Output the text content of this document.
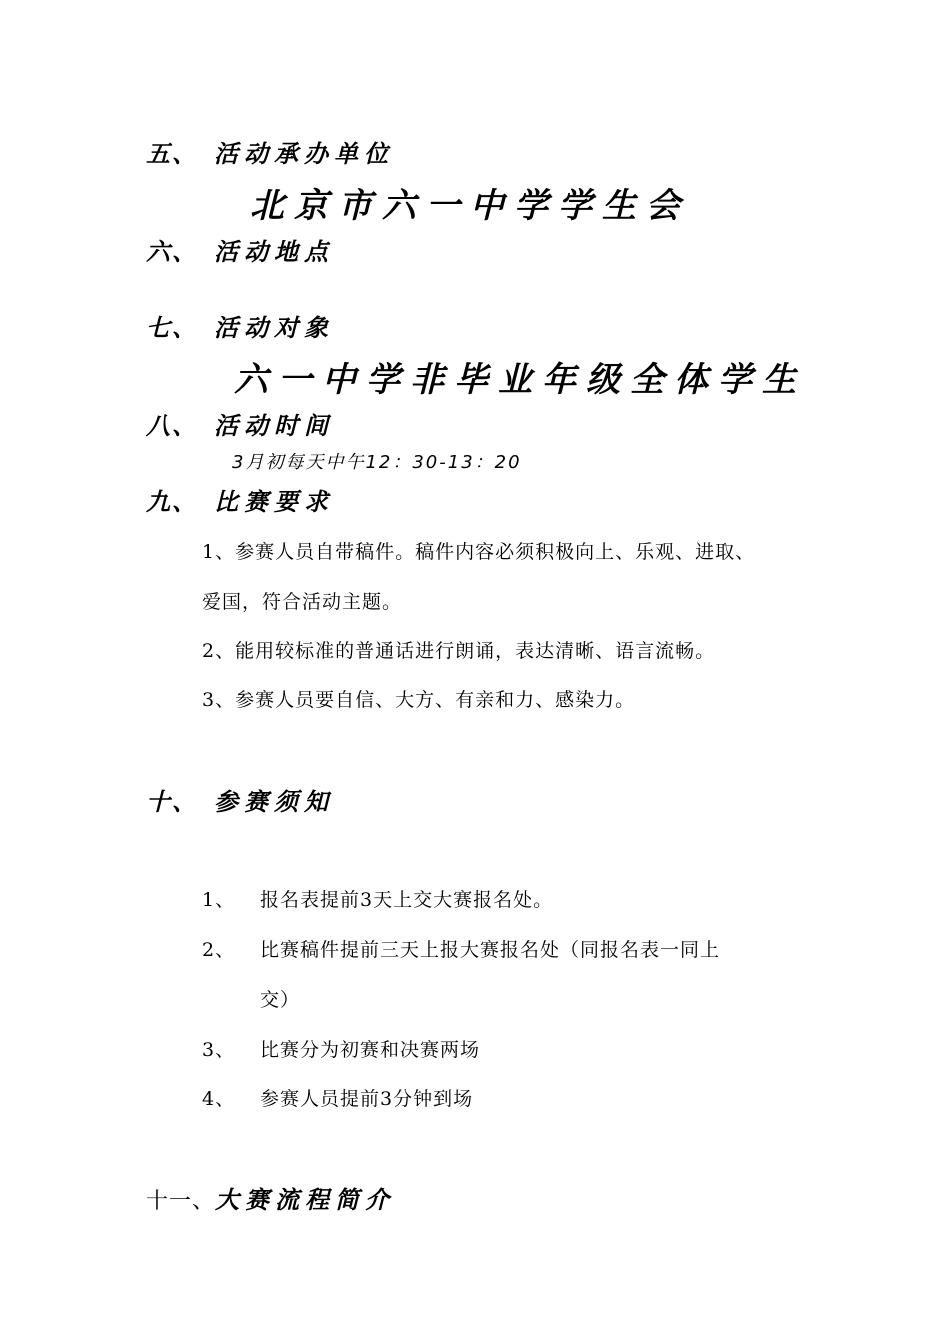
五、 活动承办单位
北京市六一中学学生会
六、 活动地点
七、 活动对象
六一中学非毕业年级全体学生
八、 活动时间
3月初每天中午12：30-13：20
九、 比赛要求
1、参赛人员自带稿件。稿件内容必须积极向上、乐观、进取、
爱国，符合活动主题。
2、能用较标准的普通话进行朗诵，表达清晰、语言流畅。
3、参赛人员要自信、大方、有亲和力、感染力。
十、 参赛须知
1、 报名表提前3天上交大赛报名处。
2、 比赛稿件提前三天上报大赛报名处（同报名表一同上
交）
3、 比赛分为初赛和决赛两场
4、 参赛人员提前3分钟到场
十一、大赛流程简介
